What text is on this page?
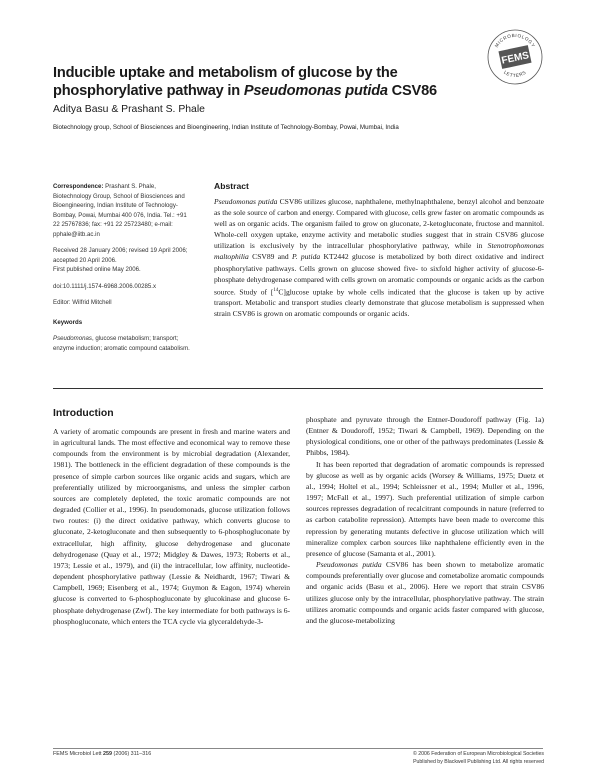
FEMS
MICROBIOLOGY
LETTERS
Inducible uptake and metabolism of glucose by the phosphorylative pathway in Pseudomonas putida CSV86
Aditya Basu & Prashant S. Phale
Biotechnology group, School of Biosciences and Bioengineering, Indian Institute of Technology-Bombay, Powai, Mumbai, India

Correspondence: Prashant S. Phale, Biotechnology Group, School of Biosciences and Bioengineering, Indian Institute of Technology-Bombay, Powai, Mumbai 400 076, India. Tel.: +91 22 25767836; fax: +91 22 25723480; e-mail: pphale@iitb.ac.in

Received 28 January 2006; revised 19 April 2006; accepted 20 April 2006.
First published online May 2006.

doi:10.1111/j.1574-6968.2006.00285.x

Editor: Wilfrid Mitchell

Keywords

Pseudomonas, glucose metabolism; transport; enzyme induction; aromatic compound catabolism.

Abstract

Pseudomonas putida CSV86 utilizes glucose, naphthalene, methylnaphthalene, benzyl alcohol and benzoate as the sole source of carbon and energy. Compared with glucose, cells grew faster on aromatic compounds as well as on organic acids. The organism failed to grow on gluconate, 2-ketogluconate, fructose and mannitol. Whole-cell oxygen uptake, enzyme activity and metabolic studies suggest that in strain CSV86 glucose utilization is exclusively by the intracellular phosphorylative pathway, while in Stenotrophomonas maltophilia CSV89 and P. putida KT2442 glucose is metabolized by both direct oxidative and indirect phosphorylative pathways. Cells grown on glucose showed five- to sixfold higher activity of glucose-6-phosphate dehydrogenase compared with cells grown on aromatic compounds or organic acids as the carbon source. Study of [$^{14}$C]glucose uptake by whole cells indicated that the glucose is taken up by active transport. Metabolic and transport studies clearly demonstrate that glucose metabolism is suppressed when strain CSV86 is grown on aromatic compounds or organic acids.

Introduction

A variety of aromatic compounds are present in fresh and marine waters and in agricultural lands. The most effective and economical way to remove these compounds from the environment is by microbial degradation (Alexander, 1981). The bottleneck in the efficient degradation of these compounds is the presence of simple carbon sources like organic acids and sugars, which are preferentially utilized by microorganisms, and unless the simpler carbon sources are completely depleted, the toxic aromatic compounds are not degraded (Collier et al., 1996). In pseudomonads, glucose utilization follows two routes: (i) the direct oxidative pathway, which converts glucose to gluconate, 2-ketogluconate and then subsequently to 6-phosphogluconate by extracellular, high affinity, glucose dehydrogenase and gluconate dehydrogenase (Quay et al., 1972; Midgley & Dawes, 1973; Roberts et al., 1973; Lessie et al., 1979), and (ii) the intracellular, low affinity, nucleotide-dependent phosphorylative pathway (Lessie & Neidhardt, 1967; Tiwari & Campbell, 1969; Eisenberg et al., 1974; Guymon & Eagon, 1974) wherein glucose is converted to 6-phosphogluconate by glucokinase and glucose 6-phosphate dehydrogenase (Zwf). The key intermediate for both pathways is 6-phosphogluconate, which enters the TCA cycle via glyceraldehyde-3-

phosphate and pyruvate through the Entner-Doudoroff pathway (Fig. 1a) (Entner & Doudoroff, 1952; Tiwari & Campbell, 1969). Depending on the physiological conditions, one or other of the pathways predominates (Lessie & Phibbs, 1984).

It has been reported that degradation of aromatic compounds is repressed by glucose as well as by organic acids (Worsey & Williams, 1975; Duetz et al., 1994; Holtel et al., 1994; Schleissner et al., 1994; Muller et al., 1996, 1997; McFall et al., 1997). Such preferential utilization of simple carbon sources represses degradation of recalcitrant compounds in nature (referred to as carbon catabolite repression). Attempts have been made to overcome this repression by generating mutants defective in glucose utilization which will mineralize complex carbon sources like naphthalene efficiently even in the presence of glucose (Samanta et al., 2001).

Pseudomonas putida CSV86 has been shown to metabolize aromatic compounds preferentially over glucose and cometabolize aromatic compounds and organic acids (Basu et al., 2006). Here we report that strain CSV86 utilizes glucose only by the intracellular, phosphorylative pathway. The strain utilizes aromatic compounds and organic acids faster compared with glucose, and the glucose-metabolizing

FEMS Microbiol Lett 259 (2006) 311–316	© 2006 Federation of European Microbiological Societies
Published by Blackwell Publishing Ltd. All rights reserved
